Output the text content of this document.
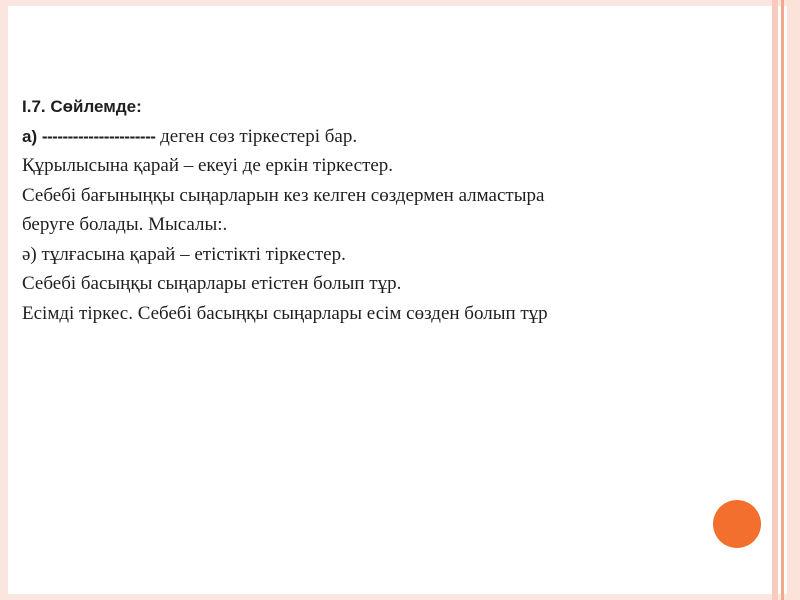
І.7. Сөйлемде:
а) ---------------------- деген сөз тіркестері бар.
Құрылысына қарай – екеуі де еркін тіркестер.
Себебі бағыныңқы сыңарларын кез келген сөздермен алмастыра
беруге болады. Мысалы:.
ә) тұлғасына қарай – етістікті тіркестер.
Себебі басыңқы сыңарлары етістен болып тұр.
Есімді тіркес. Себебі басыңқы сыңарлары есім сөзден болып тұр
